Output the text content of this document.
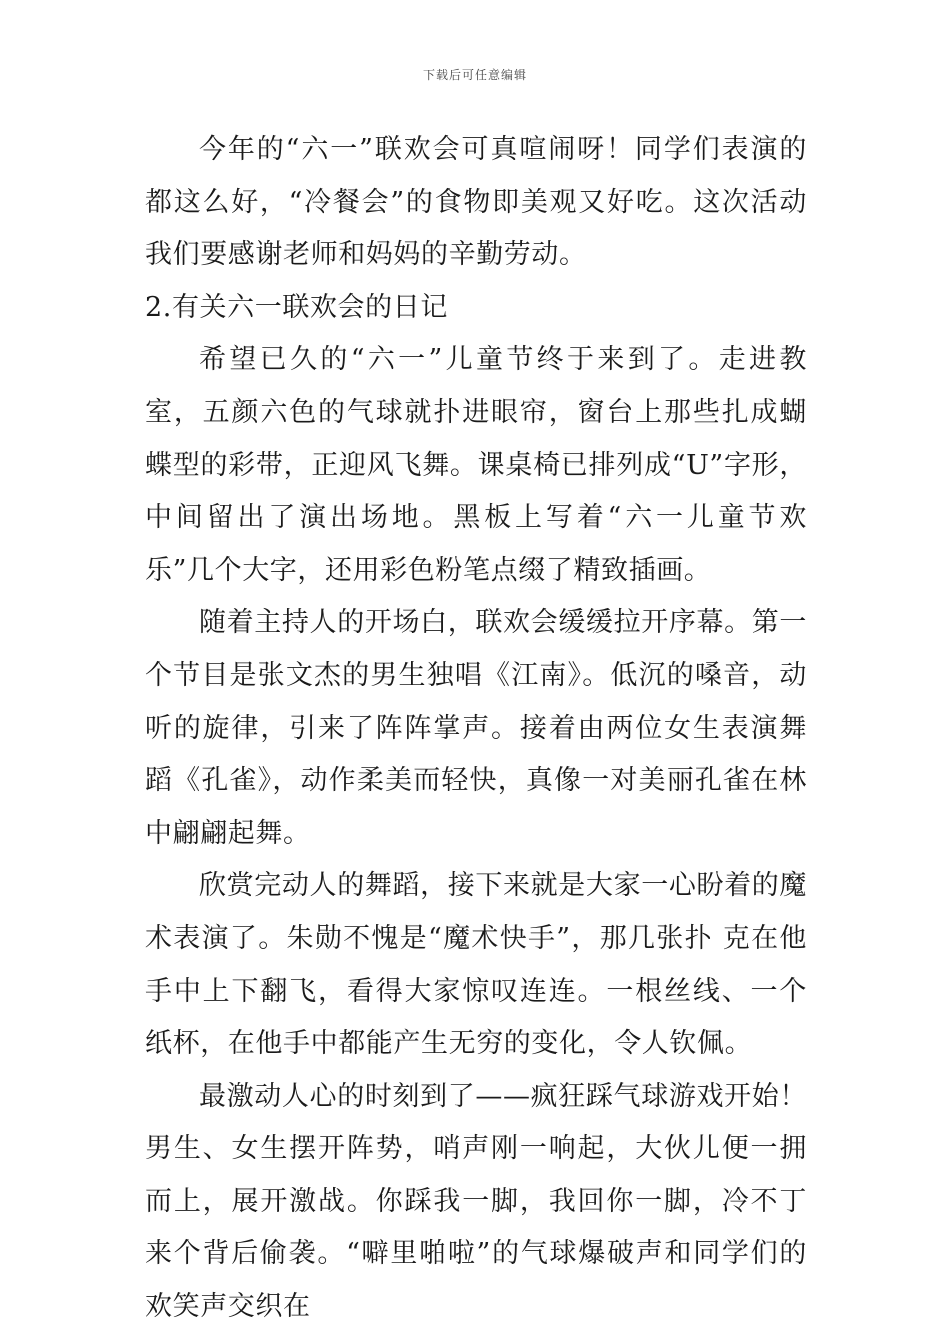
下载后可任意编辑

今年的“六一”联欢会可真喧闹呀！同学们表演的都这么好，“冷餐会”的食物即美观又好吃。这次活动我们要感谢老师和妈妈的辛勤劳动。

2.有关六一联欢会的日记

希望已久的“六一”儿童节终于来到了。走进教室，五颜六色的气球就扑进眼帘，窗台上那些扎成蝴蝶型的彩带，正迎风飞舞。课桌椅已排列成“U”字形，中间留出了演出场地。黑板上写着“六一儿童节欢乐”几个大字，还用彩色粉笔点缀了精致插画。

随着主持人的开场白，联欢会缓缓拉开序幕。第一个节目是张文杰的男生独唱《江南》。低沉的嗓音，动听的旋律，引来了阵阵掌声。接着由两位女生表演舞蹈《孔雀》，动作柔美而轻快，真像一对美丽孔雀在林中翩翩起舞。

欣赏完动人的舞蹈，接下来就是大家一心盼着的魔术表演了。朱勋不愧是“魔术快手”，那几张扑 克在他手中上下翻飞，看得大家惊叹连连。一根丝线、一个纸杯，在他手中都能产生无穷的变化，令人钦佩。

最激动人心的时刻到了——疯狂踩气球游戏开始！男生、女生摆开阵势，哨声刚一响起，大伙儿便一拥而上，展开激战。你踩我一脚，我回你一脚，冷不丁来个背后偷袭。“噼里啪啦”的气球爆破声和同学们的欢笑声交织在
